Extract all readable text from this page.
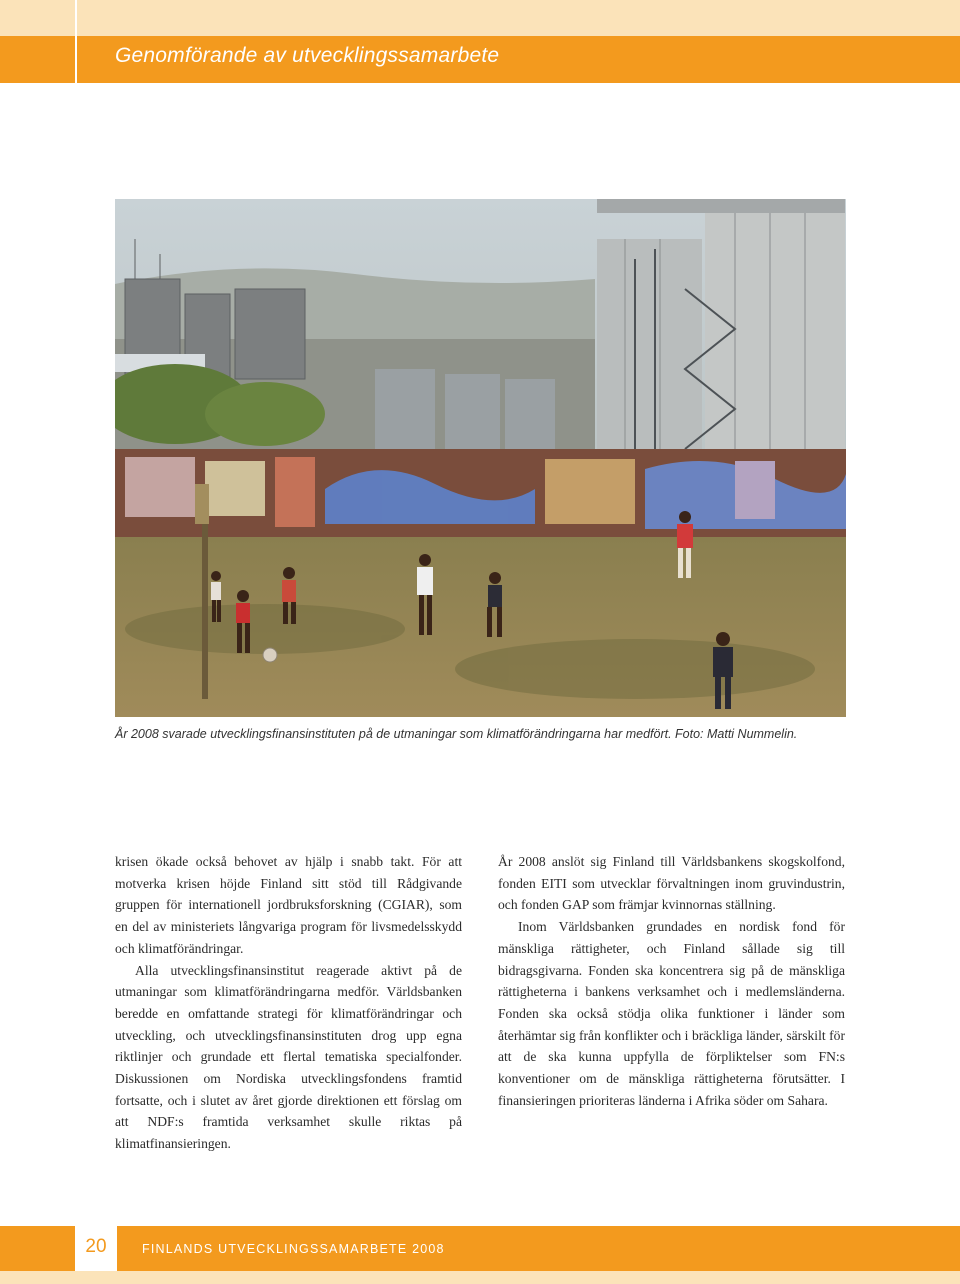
Genomförande av utvecklingssamarbete
År 2008 svarade utvecklingsfinansinstituten på de utmaningar som klimatförändringarna har medfört. Foto: Matti Nummelin.

krisen ökade också behovet av hjälp i snabb takt. För att motverka krisen höjde Finland sitt stöd till Rådgivande gruppen för internationell jordbruksforskning (CGIAR), som en del av ministeriets långvariga program för livsmedelsskydd och klimatförändringar.

Alla utvecklingsfinansinstitut reagerade aktivt på de utmaningar som klimatförändringarna medför. Världsbanken beredde en omfattande strategi för klimatförändringar och utveckling, och utvecklingsfinansinstituten drog upp egna riktlinjer och grundade ett flertal tematiska specialfonder. Diskussionen om Nordiska utvecklingsfondens framtid fortsatte, och i slutet av året gjorde direktionen ett förslag om att NDF:s framtida verksamhet skulle riktas på klimatfinansieringen.

År 2008 anslöt sig Finland till Världsbankens skogskolfond, fonden EITI som utvecklar förvaltningen inom gruvindustrin, och fonden GAP som främjar kvinnornas ställning.

Inom Världsbanken grundades en nordisk fond för mänskliga rättigheter, och Finland sållade sig till bidragsgivarna. Fonden ska koncentrera sig på de mänskliga rättigheterna i bankens verksamhet och i medlemsländerna. Fonden ska också stödja olika funktioner i länder som återhämtar sig från konflikter och i bräckliga länder, särskilt för att de ska kunna uppfylla de förpliktelser som FN:s konventioner om de mänskliga rättigheterna förutsätter. I finansieringen prioriteras länderna i Afrika söder om Sahara.

20	FINLANDS UTVECKLINGSSAMARBETE 2008
